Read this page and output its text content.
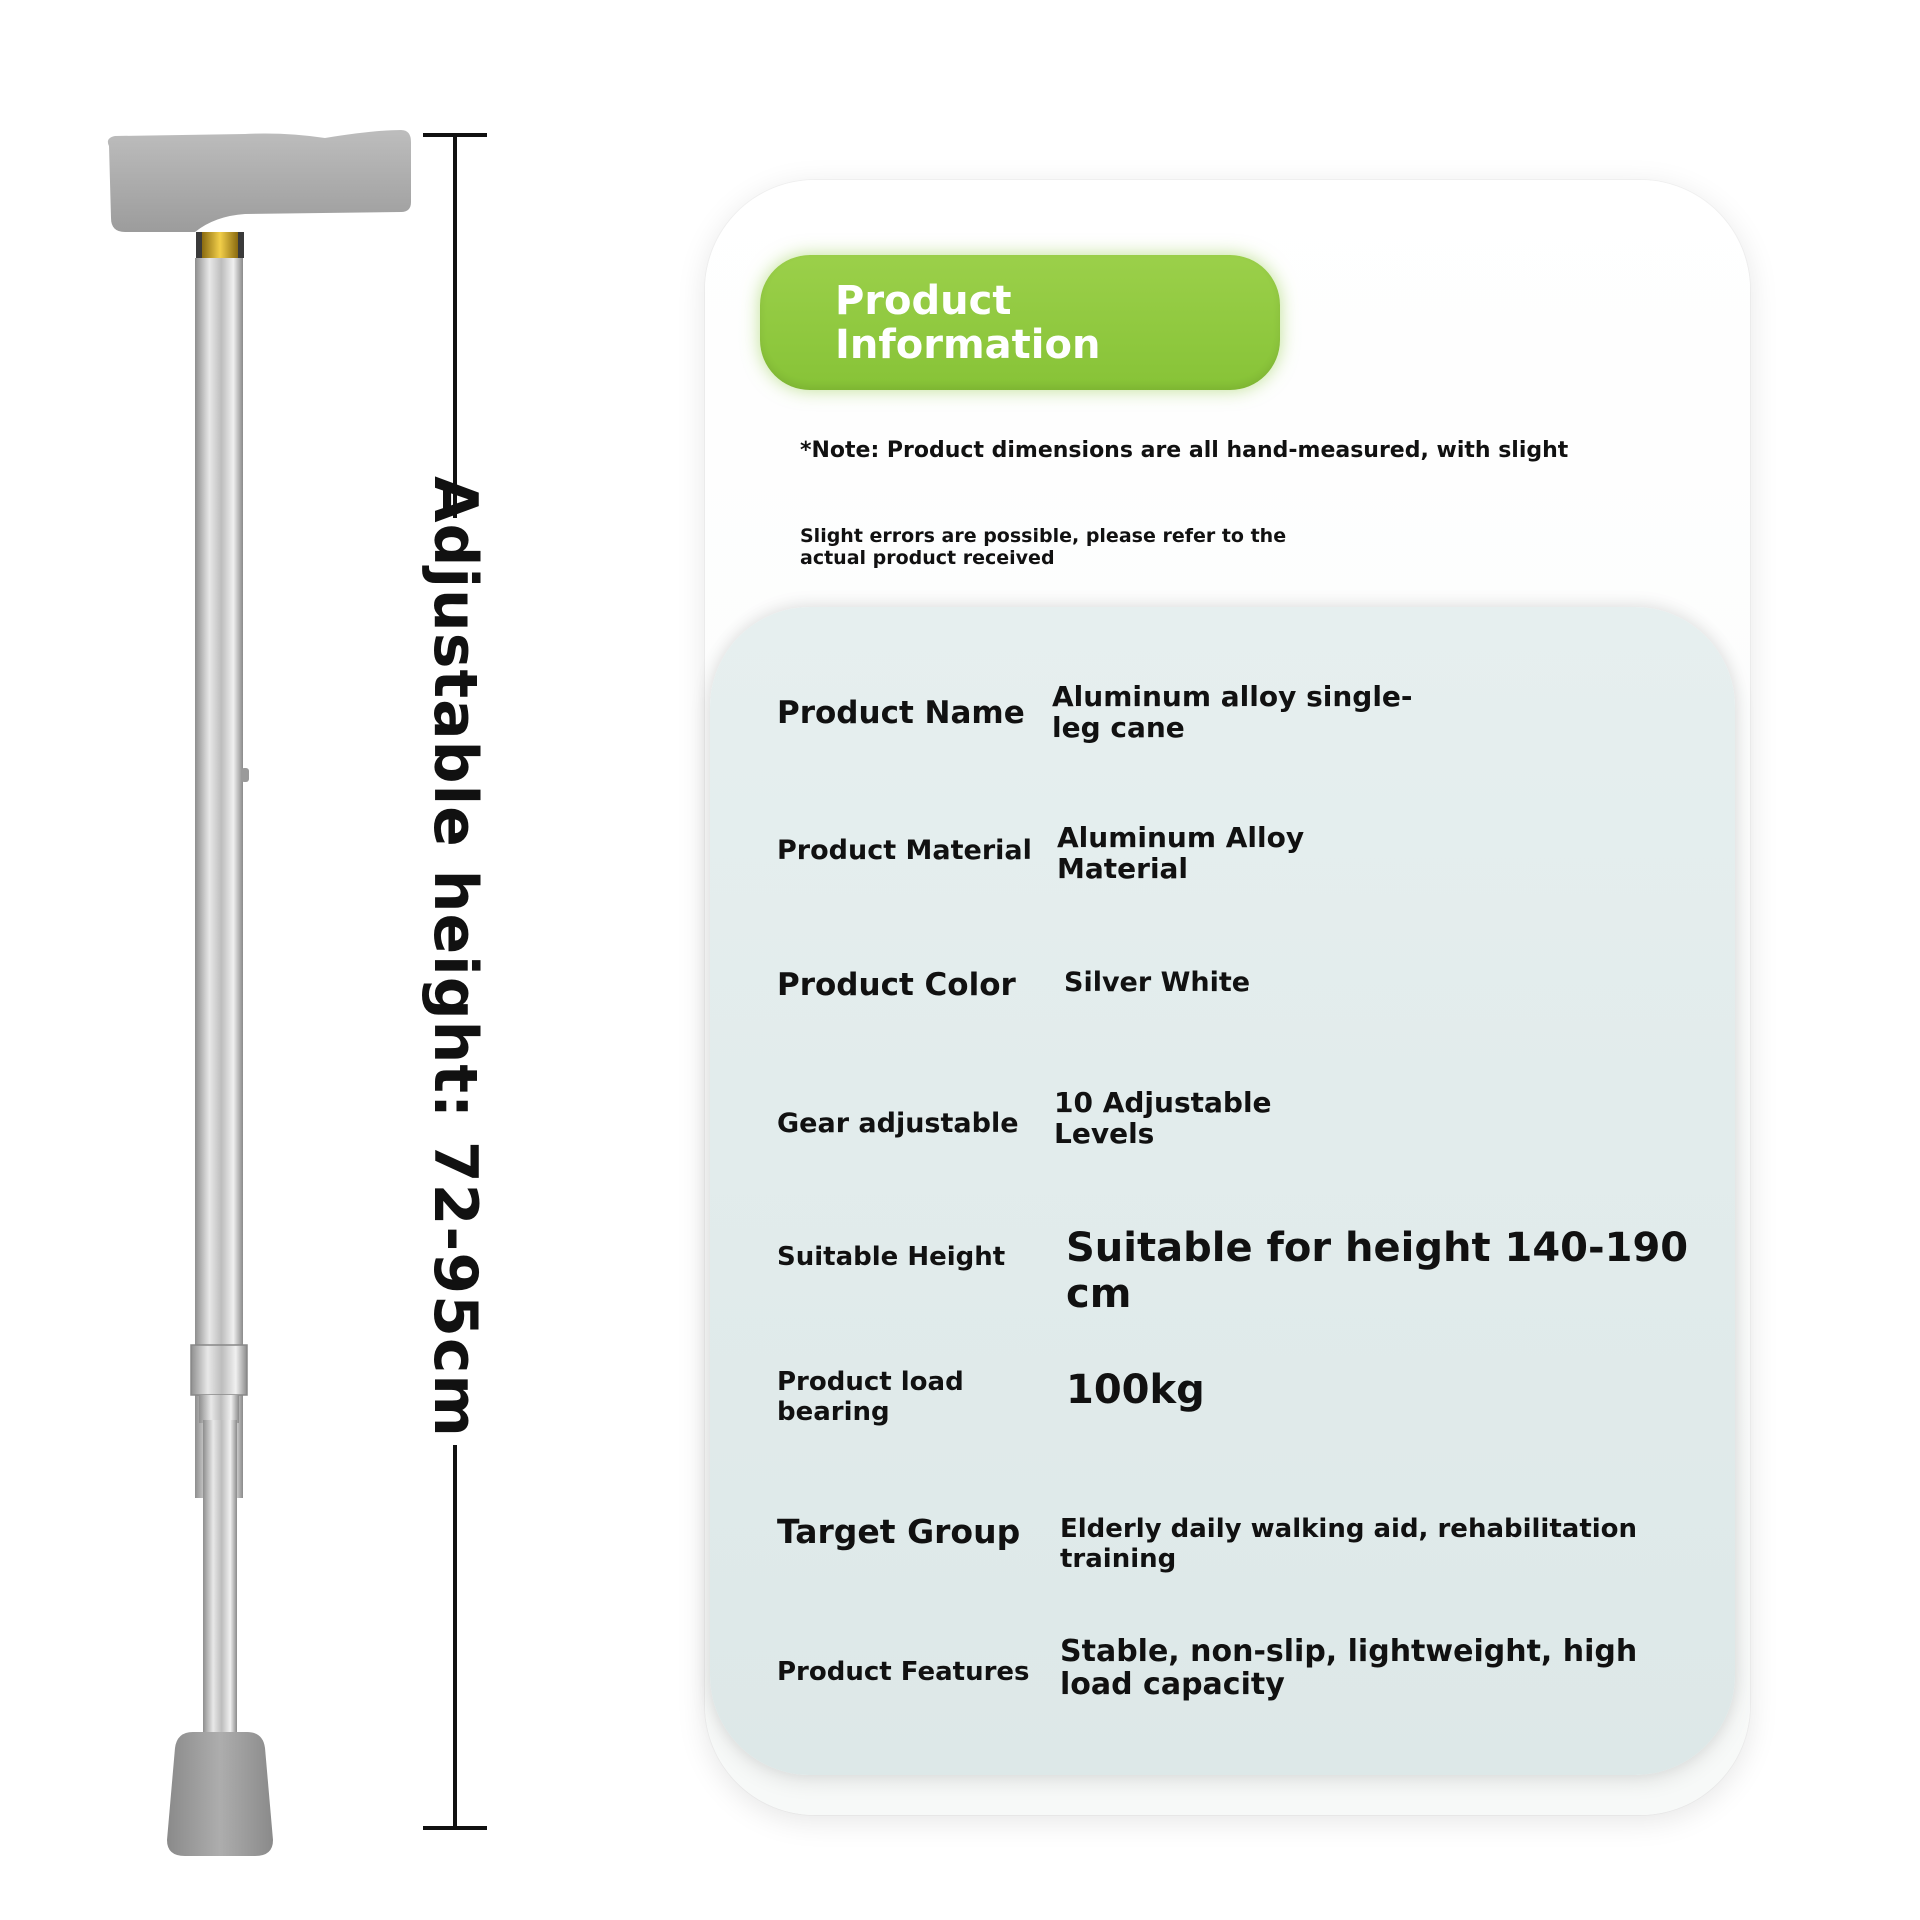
Adjustable height: 72-95cm
Product Information
*Note: Product dimensions are all hand-measured, with slight
Slight errors are possible, please refer to the actual product received
Product Name Aluminum alloy single-leg cane
Product Material Aluminum Alloy Material
Product Color Silver White
Gear adjustable
10 Adjustable Levels
Suitable Height Suitable for height 140-190 cm
Product load bearing	100kg
Target Group Elderly daily walking aid, rehabilitation training
Product Features
Stable, non-slip, lightweight, high load capacity
